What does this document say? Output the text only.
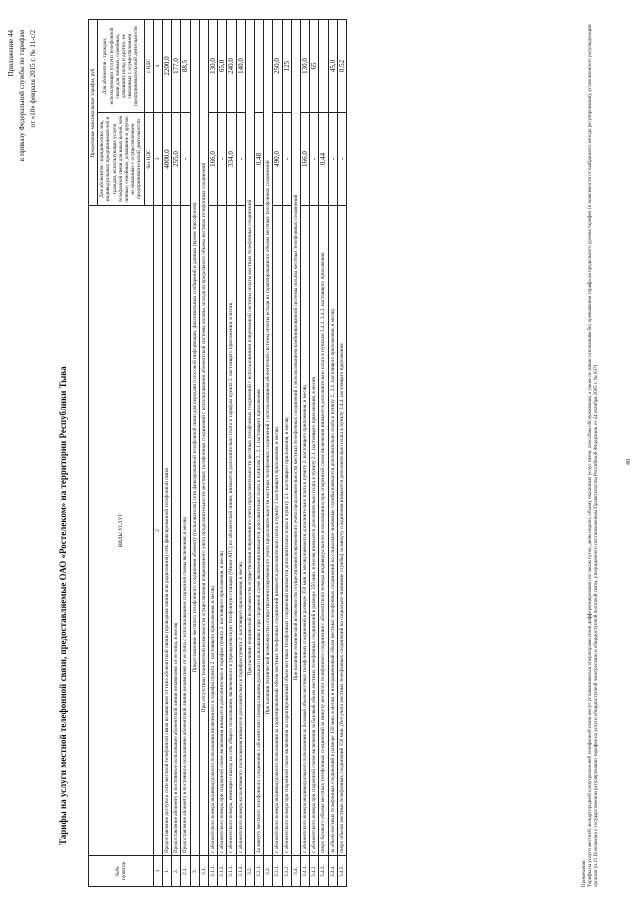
Приложение 44 к приказу Федеральной службы по тарифам от «10» февраля 2015 г. № 11-с/2
Тарифы на услуги местной телефонной связи, предоставляемые ОАО «Ростелеком» на территории Республики Тыва
№№ пунктов	ВИДЫ УСЛУГ	Предельные максимальные тарифы, руб.	
		Для абонентов - юридических лиц, индивидуальных предпринимателей и граждан, использующих услуги телефонной связи для иных целей, чем личные, семейные, домашние и другие, не связанные с осуществлением предпринимательской деятельности	Для абонентов - граждан, использующих услуги телефонной связи для личных, семейных, домашних нужд и других, не связанных с осуществлением предпринимательской деятельности
		без НДС	с НДС
1	2	3	4
1.	Предоставление доступа к сети местной телефонной связи независимо от типа абонентской линии (проводная линия или радиолиния) сеть фиксированной телефонной связи	4000,0	2200,0
2.	Предоставление абоненту в постоянное пользование абонентской линии независимо от ее типа, в месяц	255,0	177,0
2.1.	Предоставление абоненту в постоянное пользование абонентской линии независимо от ее типа с использованием спаренной схемы включения, в месяц	-	88,5
3.	Предоставление местного телефонного соединения абоненту (пользователю) сети фиксированной телефонной связи для передачи голосовой информации, факсимильных сообщений и данных (кроме таксофонов)		
3.1.	При отсутствии технической возможности осуществления повременного учета продолжительности местных телефонных соединений с использованием абонентской системы оплаты, исходя из предельного объема местных телефонных соединений		
3.1.1.	с абонентского номера индивидуального пользования включенного в тарифы пункта 2. настоящего приложения, в месяц	166,0	130,0
3.1.2.	с абонентского номера при спаренной схеме включения взимается дополнительно к тарифам пункта 2. настоящего приложения, в месяц	-	65,0
3.1.3.	с абонентского номера, имеющего выход на сеть общего пользования, включенного в учрежденческую телефонную станцию (Мини-АТС) по абонентской линии, взимается дополнительно плата к тарифам пункта 2. настоящего приложения, в месяц	334,0	240,0
3.1.4.	с абонентского номера коллективного пользования взимается дополнительно к тарифам пункта 2. настоящего приложения, в месяц	-	140,0
3.2.	При наличии технической возможности осуществления повременного учета продолжительности местных телефонных соединений с использованием повременной системы оплаты местных телефонных соединений		
3.2.1.	За минуту местного телефонного соединения с абонентского номера индивидуального пользования и при спаренной схеме включения взимается дополнительно плата к пунктам 2., 2.1. настоящего приложения	0,48	
3.3.	При наличии технической возможности осуществления повременного учета продолжительности местных телефонных соединений с использованием абонентской системы оплаты исходя из гарантированного объема местных телефонных соединений		
3.3.1.	с абонентского номера индивидуального пользования за гарантированный объем местных телефонных соединений взимается дополнительно плата к пункту 2 настоящего приложения, в месяц	490,0	250,0
3.3.2.	с абонентского номера при спаренной схеме включения за гарантированный объем местных телефонных соединений взимается дополнительно плата к пункту 2.1. настоящего приложения, в месяц	-	125
3.4.	При наличии технической возможности осуществления повременного учета продолжительности местных телефонных соединений с использованием комбинированной системы оплаты местных телефонных соединений		
3.4.1.	с абонентского номера индивидуального пользования за базовый объем местных телефонных соединений в размере 350 мин. в месяц взимается дополнительно плата к пункту 2. настоящего приложения, в месяц	166,0	130,0
3.4.2.	с абонентского номера при спаренной схеме включения за базовый объем местных телефонных соединений в размере 350 мин. в месяц взимается дополнительно плата к пункту 2.1. настоящего приложения, в месяц	-	65
3.4.3.	сверх базового объема местных телефонных соединений за минуту местного телефонного соединения с абонентского номера индивидуального пользования и при спаренной схеме включения взимается дополнительно плата к пунктам 3.4.1, 3.4.2. настоящего приложения	0,44	
3.4.4.	за объем местных телефонных соединений в размере 150 мин. в месяц и неограниченный объем местных телефонных соединений на социально-значимые службы взимается дополнительно плата к пункту 2., 2.1. настоящего приложения, в месяц	-	45,0
3.4.5.	сверх объема местных телефонных соединений 150 мин. (без учета местных телефонных соединений на социально-значимые службы) за минуту соединения взимается дополнительно плата к пункту 3.4.4. настоящего приложения	-	0,52
Примечания: Тарифы на услуги местной, междугородной и внутризоновой телефонной связи могут устанавливаться операторами связи дифференцированно по часам суток, дням недели, объему оказанных услуг связи, способам обслуживания, а также по иным основаниям без превышения тарифа на предельного уровня тарифов (в зависимости от выбранного метода регулирования), установленного регулирующим органом (п.15 Положения о государственном регулировании тарифов на услуги общедоступной электросвязи и общедоступной почтовой связи, утвержденного постановлением Правительства Российской Федерации от 24 октября 2005 г. № 637)	49
